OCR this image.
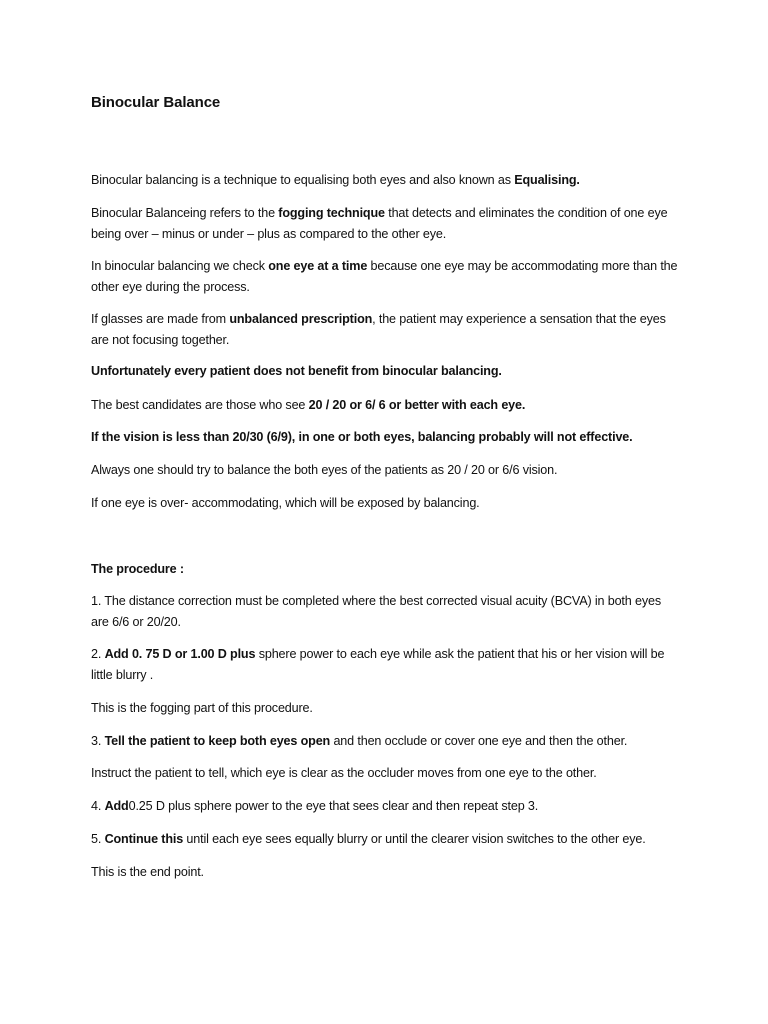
Binocular Balance

Binocular balancing is a technique to equalising both eyes and also known as Equalising.

Binocular Balanceing refers to the fogging technique that detects and eliminates the condition of one eye being over – minus or under – plus as compared to the other eye.

In binocular balancing we check one eye at a time because one eye may be accommodating more than the other eye during the process.

If glasses are made from unbalanced prescription, the patient may experience a sensation that the eyes are not focusing together.

Unfortunately every patient does not benefit from binocular balancing.

The best candidates are those who see 20 / 20 or 6/ 6 or better with each eye.

If the vision is less than 20/30 (6/9), in one or both eyes, balancing probably will not effective.

Always one should try to balance the both eyes of the patients as 20 / 20 or 6/6 vision.

If one eye is over- accommodating, which will be exposed by balancing.

The procedure :

1. The distance correction must be completed where the best corrected visual acuity (BCVA) in both eyes are 6/6 or 20/20.

2. Add 0. 75 D or 1.00 D plus sphere power to each eye while ask the patient that his or her vision will be little blurry .

This is the fogging part of this procedure.

3. Tell the patient to keep both eyes open and then occlude or cover one eye and then the other.

Instruct the patient to tell, which eye is clear as the occluder moves from one eye to the other.

4. Add0.25 D plus sphere power to the eye that sees clear and then repeat step 3.

5. Continue this until each eye sees equally blurry or until the clearer vision switches to the other eye.

This is the end point.
